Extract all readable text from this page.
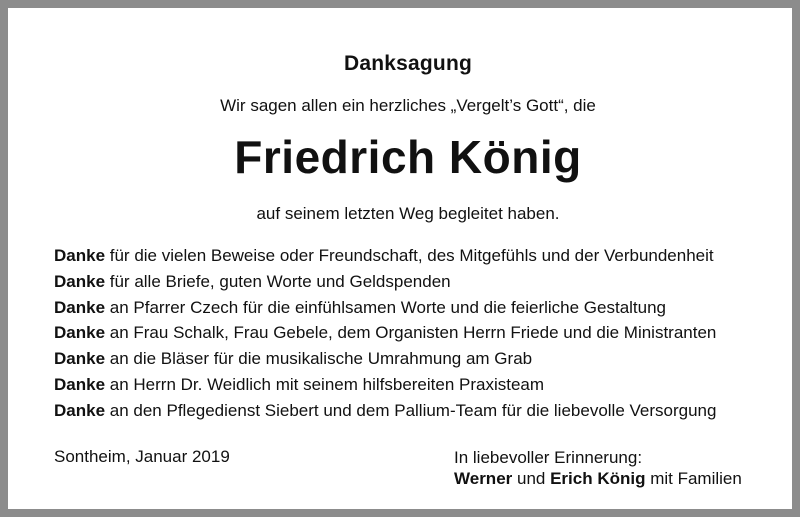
Danksagung
Wir sagen allen ein herzliches „Vergelt’s Gott“, die
Friedrich König
auf seinem letzten Weg begleitet haben.
Danke für die vielen Beweise oder Freundschaft, des Mitgefühls und der Verbundenheit
Danke für alle Briefe, guten Worte und Geldspenden
Danke an Pfarrer Czech für die einfühlsamen Worte und die feierliche Gestaltung
Danke an Frau Schalk, Frau Gebele, dem Organisten Herrn Friede und die Ministranten
Danke an die Bläser für die musikalische Umrahmung am Grab
Danke an Herrn Dr. Weidlich mit seinem hilfsbereiten Praxisteam
Danke an den Pflegedienst Siebert und dem Pallium-Team für die liebevolle Versorgung
Sontheim, Januar 2019	In liebevoller Erinnerung:
Werner und Erich König mit Familien
